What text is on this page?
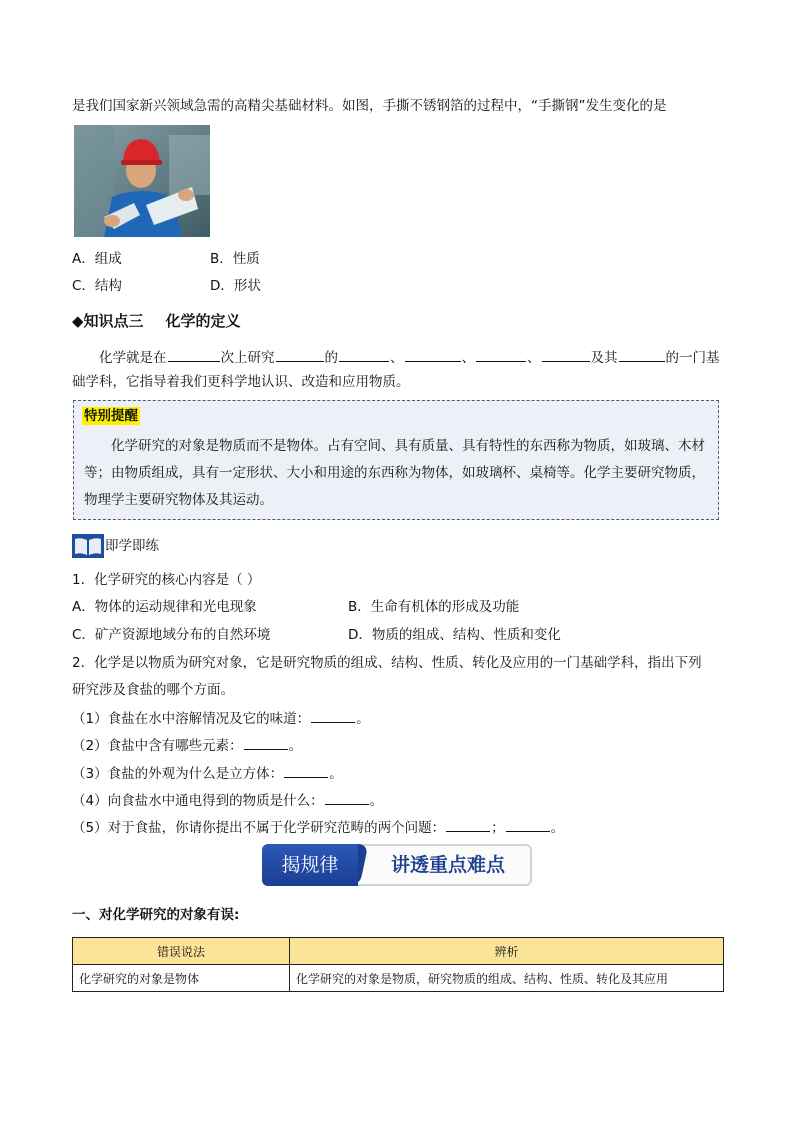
是我们国家新兴领域急需的高精尖基础材料。如图，手撕不锈钢箔的过程中，“手撕钢”发生变化的是
A．组成	B．性质
C．结构	D．形状
◆知识点三 化学的定义
化学就是在	次上研究	的	、	、	、	及其	的一门基
础学科，它指导着我们更科学地认识、改造和应用物质。
特别提醒
化学研究的对象是物质而不是物体。占有空间、具有质量、具有特性的东西称为物质，如玻璃、木材等；由物质组成，具有一定形状、大小和用途的东西称为物体，如玻璃杯、桌椅等。化学主要研究物质，物理学主要研究物体及其运动。
即学即练
1．化学研究的核心内容是（ ）
A．物体的运动规律和光电现象	B．生命有机体的形成及功能
C．矿产资源地域分布的自然环境	D．物质的组成、结构、性质和变化
2．化学是以物质为研究对象，它是研究物质的组成、结构、性质、转化及应用的一门基础学科，指出下列
研究涉及食盐的哪个方面。
（1）食盐在水中溶解情况及它的味道：	。
（2）食盐中含有哪些元素：	。
（3）食盐的外观为什么是立方体：	。
（4）向食盐水中通电得到的物质是什么：	。
（5）对于食盐，你请你提出不属于化学研究范畴的两个问题：	；	。
讲透重点难点
揭规律
一、对化学研究的对象有误:
错误说法	辨析
化学研究的对象是物体	化学研究的对象是物质，研究物质的组成、结构、性质、转化及其应用
